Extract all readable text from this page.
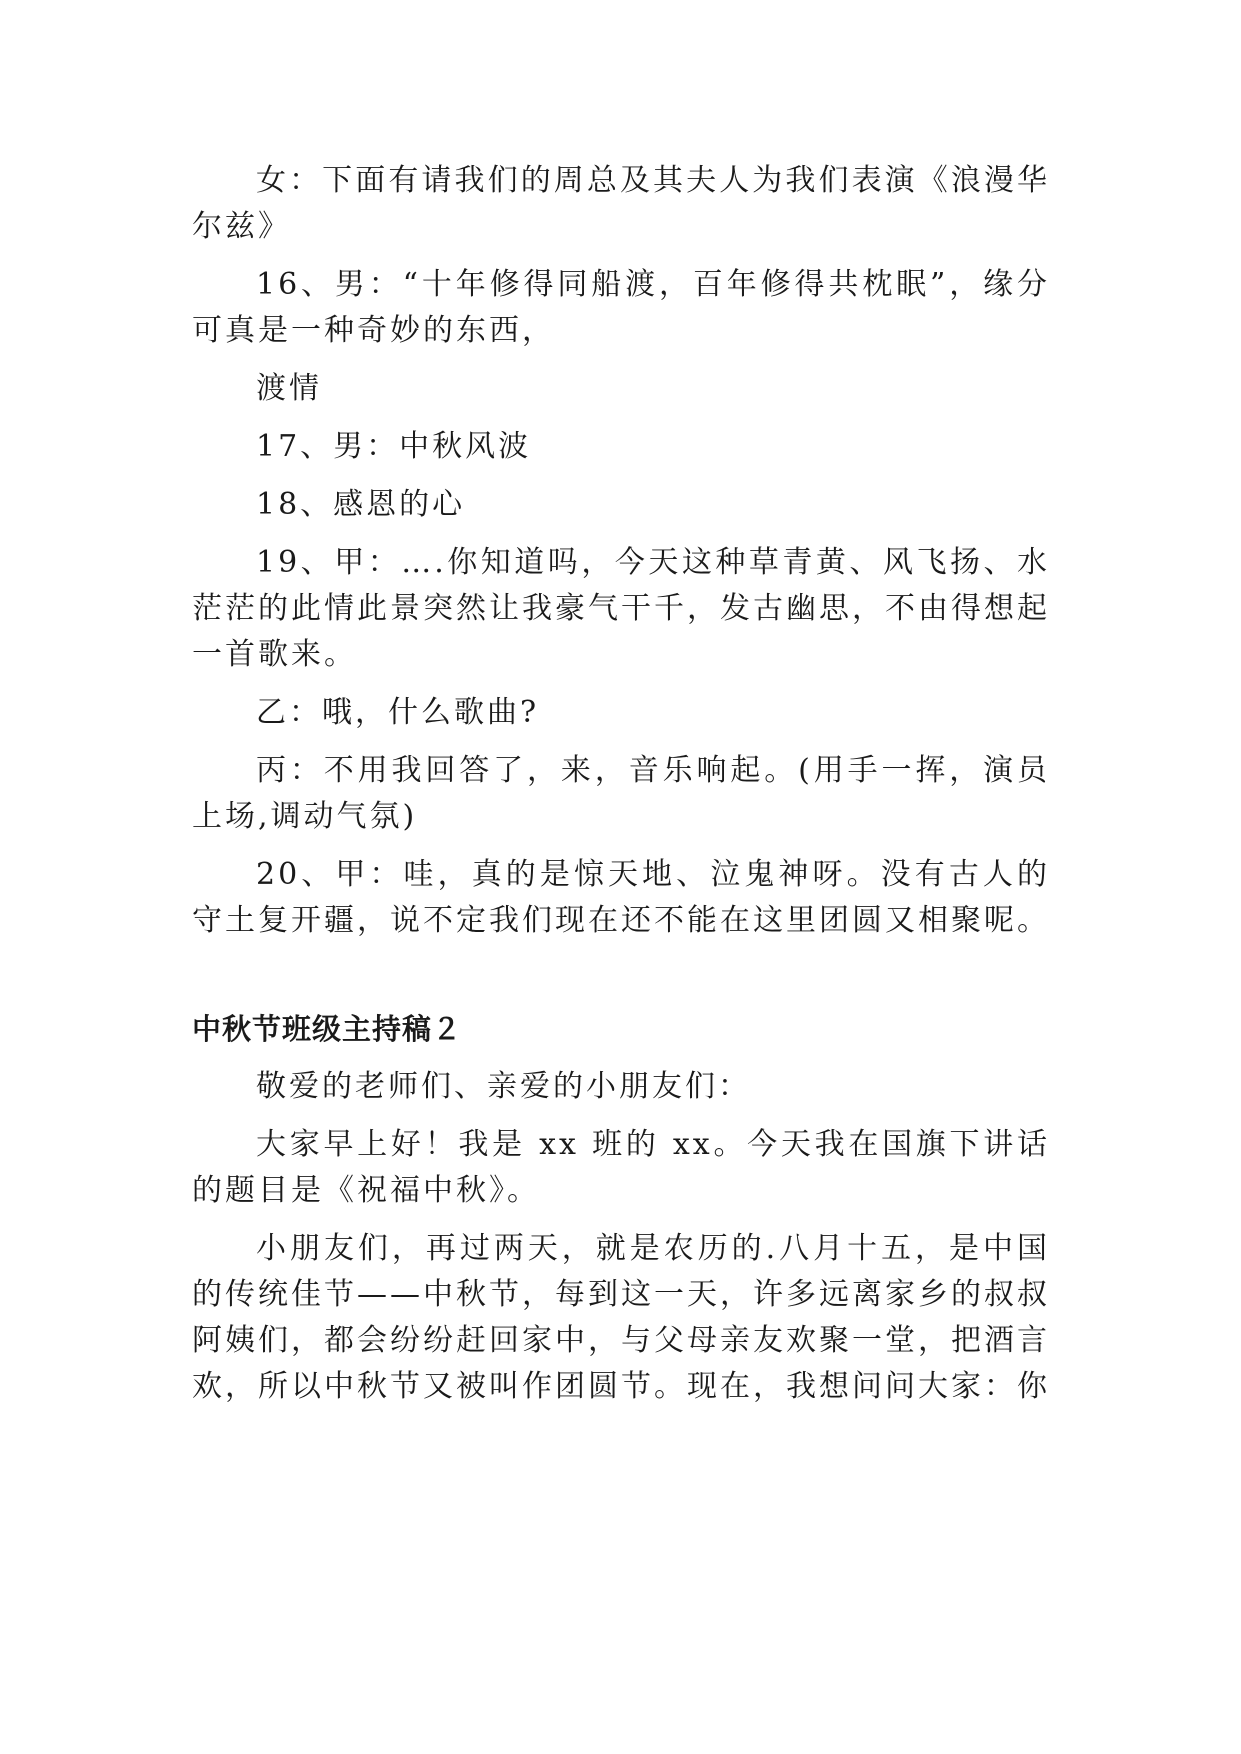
女：下面有请我们的周总及其夫人为我们表演《浪漫华尔兹》

16、男：“十年修得同船渡，百年修得共枕眠”，缘分可真是一种奇妙的东西，

渡情

17、男：中秋风波

18、感恩的心

19、甲：….你知道吗，今天这种草青黄、风飞扬、水茫茫的此情此景突然让我豪气干千，发古幽思，不由得想起一首歌来。

乙：哦，什么歌曲?

丙：不用我回答了，来，音乐响起。(用手一挥，演员上场,调动气氛)

20、甲：哇，真的是惊天地、泣鬼神呀。没有古人的守土复开疆，说不定我们现在还不能在这里团圆又相聚呢。

中秋节班级主持稿２

敬爱的老师们、亲爱的小朋友们：

大家早上好！我是 xx 班的 xx。今天我在国旗下讲话的题目是《祝福中秋》。

小朋友们，再过两天，就是农历的.八月十五，是中国的传统佳节——中秋节，每到这一天，许多远离家乡的叔叔阿姨们，都会纷纷赶回家中，与父母亲友欢聚一堂，把酒言欢，所以中秋节又被叫作团圆节。现在，我想问问大家：你
